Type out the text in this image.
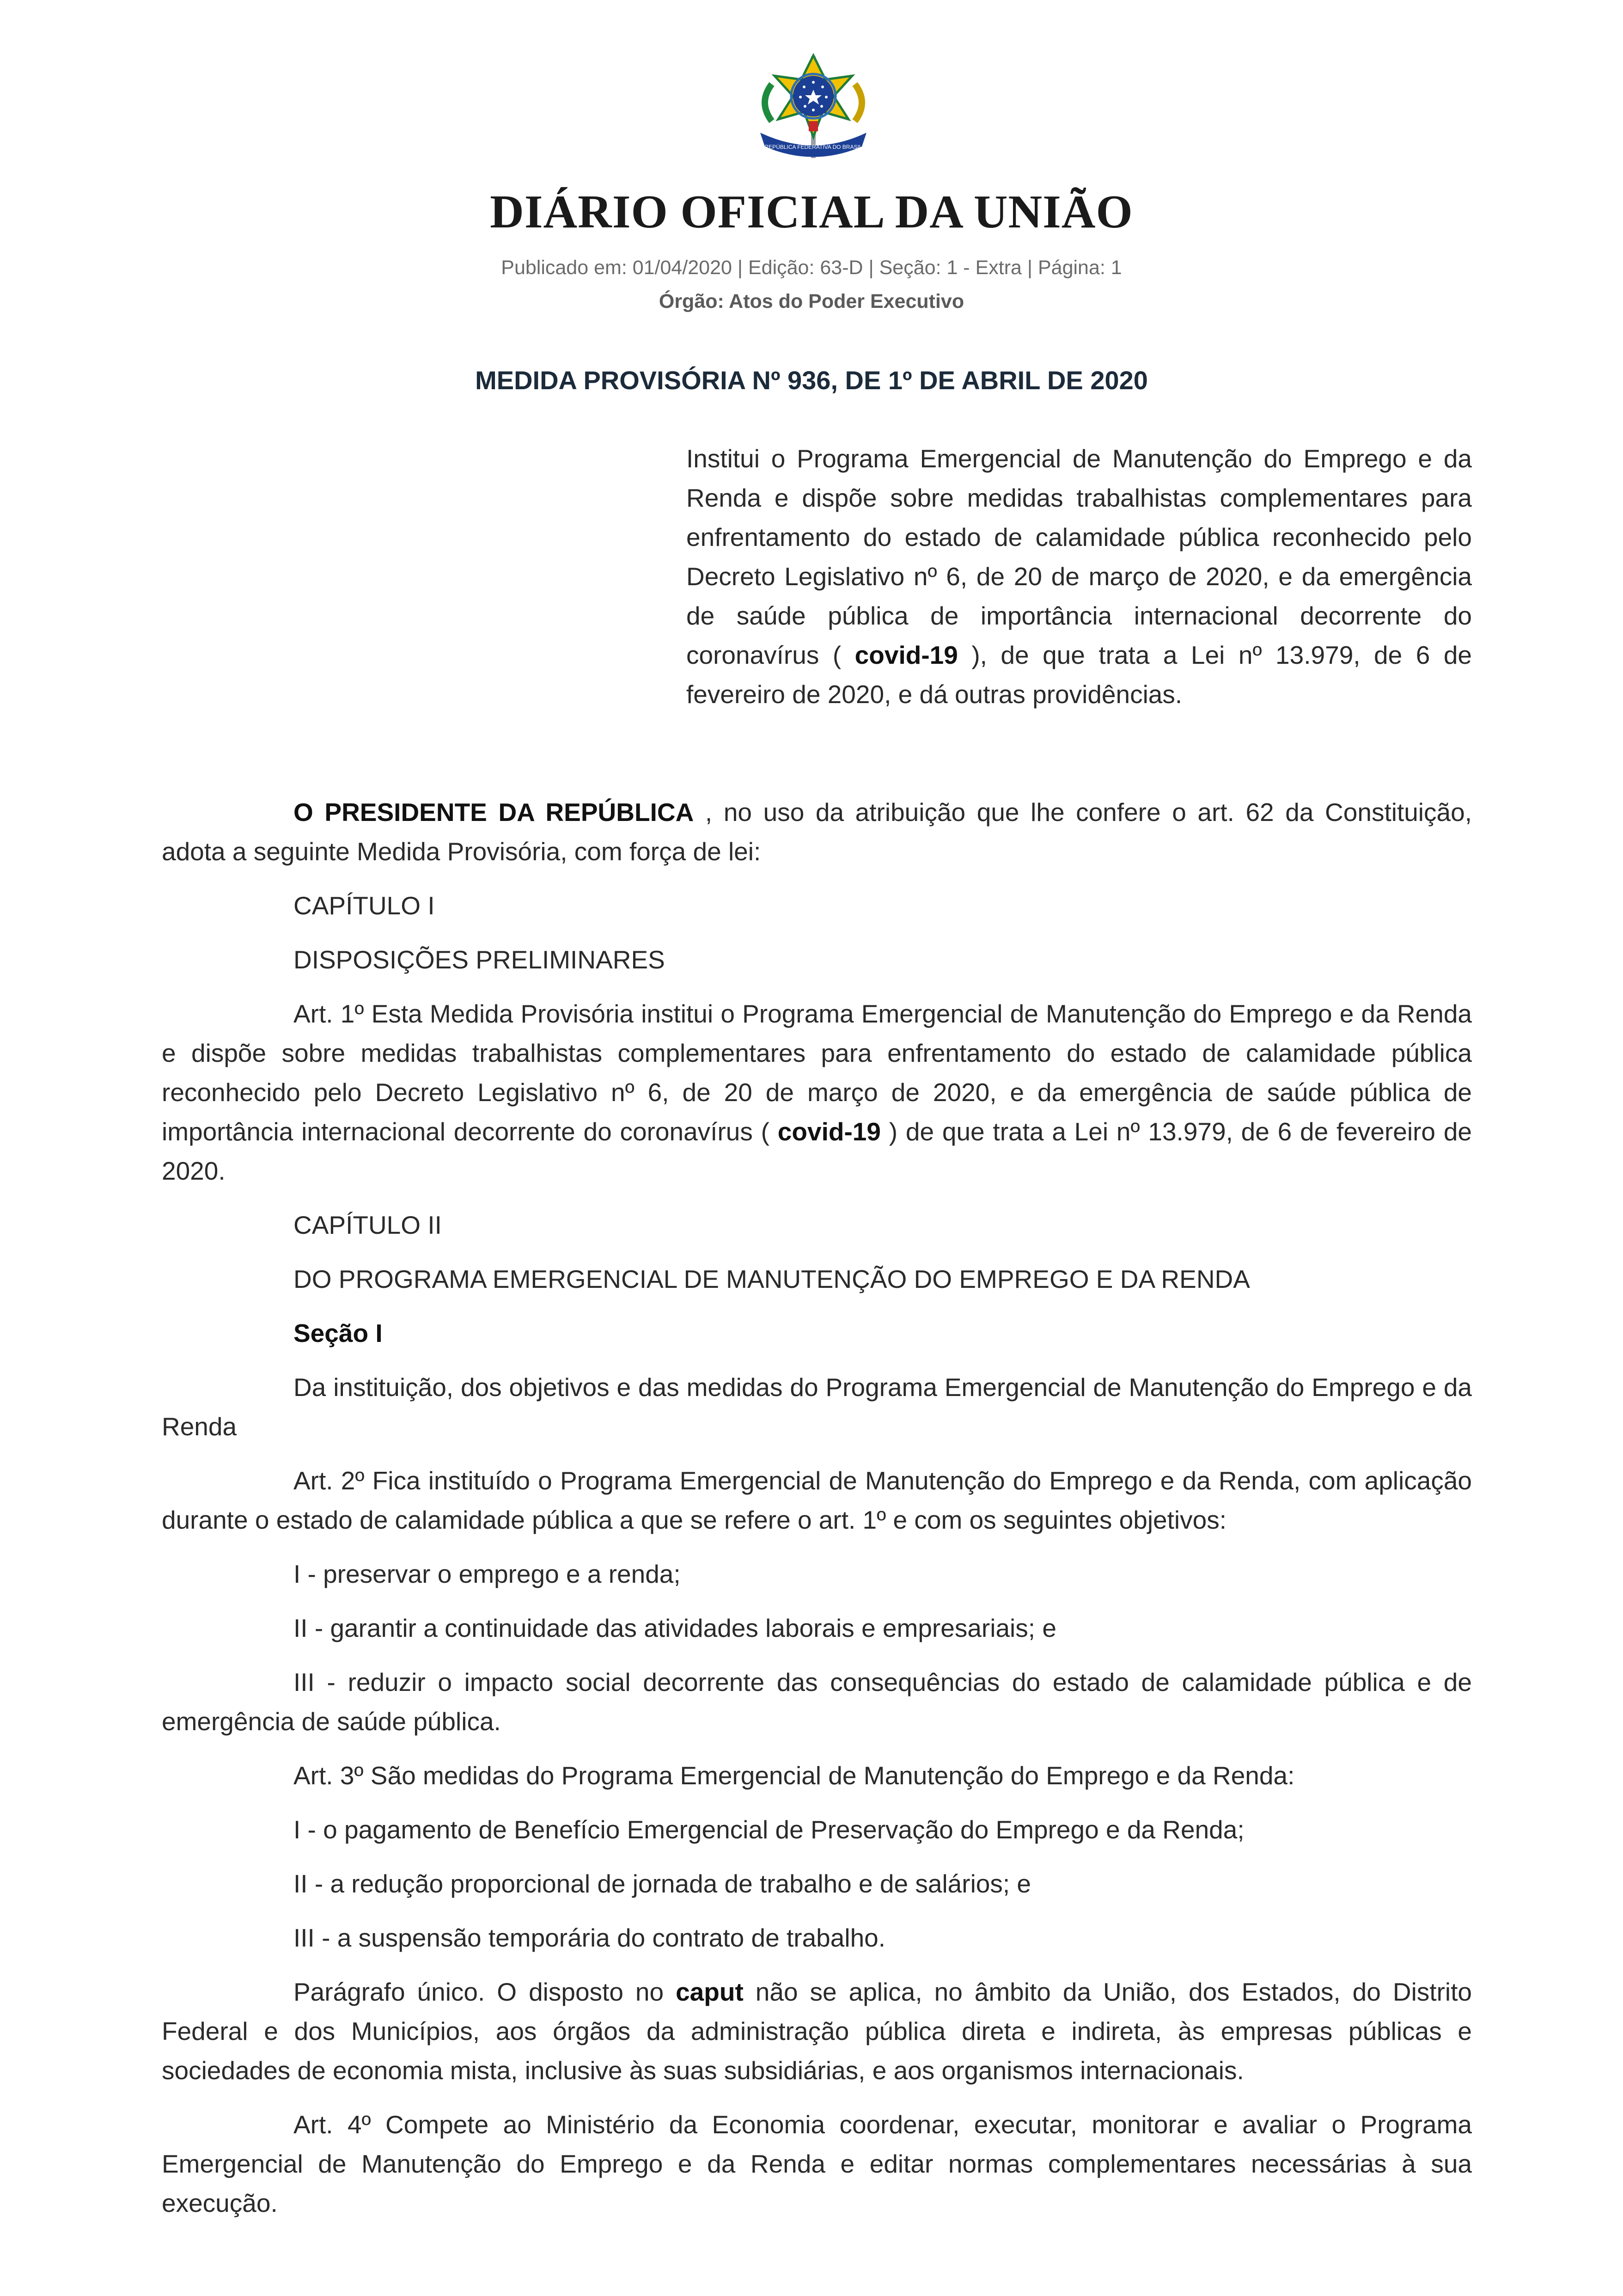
REPÚBLICA FEDERATIVA DO BRASIL
DIÁRIO OFICIAL DA UNIÃO
Publicado em: 01/04/2020 | Edição: 63-D | Seção: 1 - Extra | Página: 1
Órgão: Atos do Poder Executivo
MEDIDA PROVISÓRIA Nº 936, DE 1º DE ABRIL DE 2020

Institui o Programa Emergencial de Manutenção do Emprego e da Renda e dispõe sobre medidas trabalhistas complementares para enfrentamento do estado de calamidade pública reconhecido pelo Decreto Legislativo nº 6, de 20 de março de 2020, e da emergência de saúde pública de importância internacional decorrente do coronavírus ( covid-19 ), de que trata a Lei nº 13.979, de 6 de fevereiro de 2020, e dá outras providências.

O PRESIDENTE DA REPÚBLICA , no uso da atribuição que lhe confere o art. 62 da Constituição, adota a seguinte Medida Provisória, com força de lei:

CAPÍTULO I

DISPOSIÇÕES PRELIMINARES

Art. 1º Esta Medida Provisória institui o Programa Emergencial de Manutenção do Emprego e da Renda e dispõe sobre medidas trabalhistas complementares para enfrentamento do estado de calamidade pública reconhecido pelo Decreto Legislativo nº 6, de 20 de março de 2020, e da emergência de saúde pública de importância internacional decorrente do coronavírus ( covid-19 ) de que trata a Lei nº 13.979, de 6 de fevereiro de 2020.

CAPÍTULO II

DO PROGRAMA EMERGENCIAL DE MANUTENÇÃO DO EMPREGO E DA RENDA

Seção I

Da instituição, dos objetivos e das medidas do Programa Emergencial de Manutenção do Emprego e da Renda

Art. 2º Fica instituído o Programa Emergencial de Manutenção do Emprego e da Renda, com aplicação durante o estado de calamidade pública a que se refere o art. 1º e com os seguintes objetivos:

I - preservar o emprego e a renda;

II - garantir a continuidade das atividades laborais e empresariais; e

III - reduzir o impacto social decorrente das consequências do estado de calamidade pública e de emergência de saúde pública.

Art. 3º São medidas do Programa Emergencial de Manutenção do Emprego e da Renda:

I - o pagamento de Benefício Emergencial de Preservação do Emprego e da Renda;

II - a redução proporcional de jornada de trabalho e de salários; e

III - a suspensão temporária do contrato de trabalho.

Parágrafo único. O disposto no caput não se aplica, no âmbito da União, dos Estados, do Distrito Federal e dos Municípios, aos órgãos da administração pública direta e indireta, às empresas públicas e sociedades de economia mista, inclusive às suas subsidiárias, e aos organismos internacionais.

Art. 4º Compete ao Ministério da Economia coordenar, executar, monitorar e avaliar o Programa Emergencial de Manutenção do Emprego e da Renda e editar normas complementares necessárias à sua execução.
